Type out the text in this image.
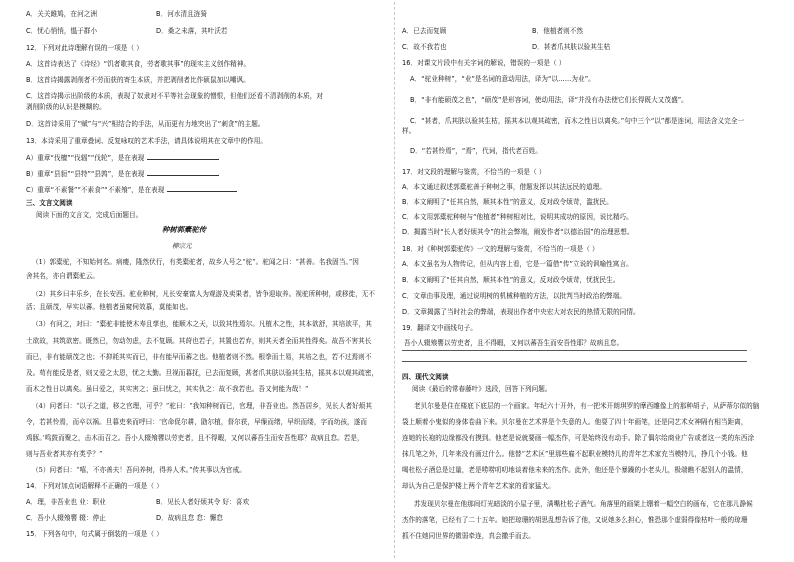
A．关关雎鸠，在河之洲	B．河水清且涟猗
C．忧心悄悄，愠于群小	D．桑之未落，其叶沃若
12．下列对此诗理解有误的一项是（ ）
A．这首诗表达了《诗经》“饥者歌其食，劳者歌其事”的现实主义创作精神。
B．这首诗揭露剥削者不劳而获的寄生本质，并把剥削者比作硕鼠加以嘲讽。
C．这首诗揭示出阶级的本质，表现了奴隶对不平等社会现象的憎恨，但他们还看不清剥削的本质，对
剥削阶级的认识是模糊的。
D．这首诗采用了“赋”与“兴”相结合的手法，从而更有力地突出了“刺贪”的主题。
13．本诗采用了重章叠词、反复咏叹的艺术手法，请具体说明其在文章中的作用。
A）重章“伐檀”“伐辐”“伐轮”，是在表现
B）重章“县貆”“县特”“县鹑”，是在表现
C）重章“不素餐”“不素食”“不素飧”，是在表现
三、文言文阅读
阅读下面的文言文，完成后面题目。
种树郭橐驼传
柳宗元
（1）郭橐驼，不知始何名。病瘘，隆然伏行，有类橐驼者，故乡人号之“驼”。驼闻之曰：“甚善。名我固当。”因
舍其名，亦自谓橐驼云。
（2）其乡曰丰乐乡，在长安西。驼业种树，凡长安豪富人为观游及卖果者，皆争迎取养。视驼所种树，或移徙，无不
活；且硕茂，早实以蕃。他植者虽窥伺效慕，莫能如也。
（3）有问之，对曰：“橐驼非能使木寿且孳也，能顺木之天，以致其性焉尔。凡植木之性，其本欲舒，其培欲平，其
土欲故，其筑欲密。既然已，勿动勿虑，去不复顾。其莳也若子，其置也若弃，则其天者全而其性得矣。故吾不害其长
而已，非有能硕茂之也；不抑耗其实而已，非有能早而蕃之也。他植者则不然。根拳而土易，其培之也，若不过焉则不
及。苟有能反是者，则又爱之太恩，忧之太勤。旦视而暮抚，已去而复顾，甚者爪其肤以验其生枯，摇其本以观其疏密，
而木之性日以离矣。虽曰爱之，其实害之；虽曰忧之，其实仇之：故不我若也。吾又何能为哉！”
（4）问者曰：“以子之道，移之官理，可乎？”驼曰：“我知种树而已，官理，非吾业也。然吾居乡，见长人者好烦其
令，若甚怜焉，而卒以祸。旦暮吏来而呼曰：‘官命促尔耕，勖尔植，督尔获，早缫而绪，早织而缕，字而幼孩，遂而
鸡豚。’鸣鼓而聚之，击木而召之。吾小人辍飧饔以劳吏者，且不得暇，又何以蕃吾生而安吾性耶？故病且怠。若是，
则与吾业者其亦有类乎？”
（5）问者曰：“嘻，不亦善夫！吾问养树，得养人术。”传其事以为官戒。
14．下列对加点词语解释不正确的一项是（ ）
A．理，非吾业也 业：职业	B．见长人者好烦其令 好：喜欢
C．吾小人辍飧饔 辍：停止	D．故病且怠 怠：懈怠
15．下列各句中，句式属于倒装的一项是（ ）
A．已去而复顾	B．他植者则不然
C．故不我若也	D．甚者爪其肤以验其生枯
16．对课文片段中有关字词的解说，错误的一项是（ ）
A．“驼业种树”，“业”是名词的意动用法，译为“以……为业”。
B．“非有能硕茂之也”，“硕茂”是形容词，使动用法，译“并没有办法使它们长得既大又茂盛”。
C．“甚者，爪其肤以验其生枯，摇其本以观其疏密，而木之性日以离矣。”句中三个“以”都是连词，用法含义完全一
样。
D．“若甚怜焉”，“焉”，代词，指代老百姓。
17．对文段的理解与鉴赏，不恰当的一项是（ ）
A．本文通过叙述郭橐驼善于种树之事，借题发挥以其法远民的道理。
B．本文阐明了“任其自然，顺其本性”的意义，反对政令烦苛，滥扰民。
C．本文用郭橐驼种树与“他植者”种树相对比，说明其成功的原因，说比精巧。
D．揭露当时“长人者好烦其令”的社会弊端，阐发作者“以德治国”的治理思想。
18．对《种树郭橐驼传》一文的理解与鉴赏，不恰当的一项是（ ）
A．本文虽名为人物传记，但从内容上看，它是一篇借“传”立说的讽喻性寓言。
B．本文阐明了“任其自然，顺其本性”的意义，反对政令烦苛，忧扰民生。
C．文章由事及理，通过说明树的机械种植的方法，以批判当时政治的弊端。
D．文章揭露了当时社会的弊端，表现出作者中央宏大对农民的热情无限的同情。
19．翻译文中画线句子。
吾小人辍飧饔以劳吏者，且不得暇，又何以蕃吾生而安吾性耶？故病且怠。
四、现代文阅读
阅读《最后的常春藤叶》选段，回答下列问题。
老贝尔曼是住在楼底下底层的一个画家。年纪六十开外，有一把米开朗琪罗的摩西雕像上的那种胡子，从萨蒂尔似的脑
袋上顺着小鬼似的身体卷曲下来。贝尔曼在艺术界是个失意的人。他耍了四十年画笔，还是同艺术女神隔有相当距离，
连她的长袍的边缘都没有摸到。他老是说就要画一幅杰作，可是始终没有动手。除了偶尔给商业广告或者这一类的东西涂
抹几笔之外，几年来没有画过什么。他替“艺术区”里那些雇不起职业模特儿的青年艺术家充当模特儿，挣几个小钱。他
喝杜松子酒总是过量，老是唠唠叨叨地谈着他未来的杰作。此外，他还是个暴躁的小老头儿，极端瞧不起别人的温情，
却认为自己是保护楼上两个青年艺术家的看家猛犬。
苏发现贝尔曼在他那间灯光暗淡的小屋子里，满嘴杜松子酒气。角落里的画架上绷着一幅空白的画布，它在那儿静候
杰作的落笔，已经有了二十五年。她把琼珊的胡思乱想告诉了他，又说她多么担心，惟恐那个虚弱得像枯叶一般的琼珊
抓不住她同世界的微弱牵连，真会撒手而去。
